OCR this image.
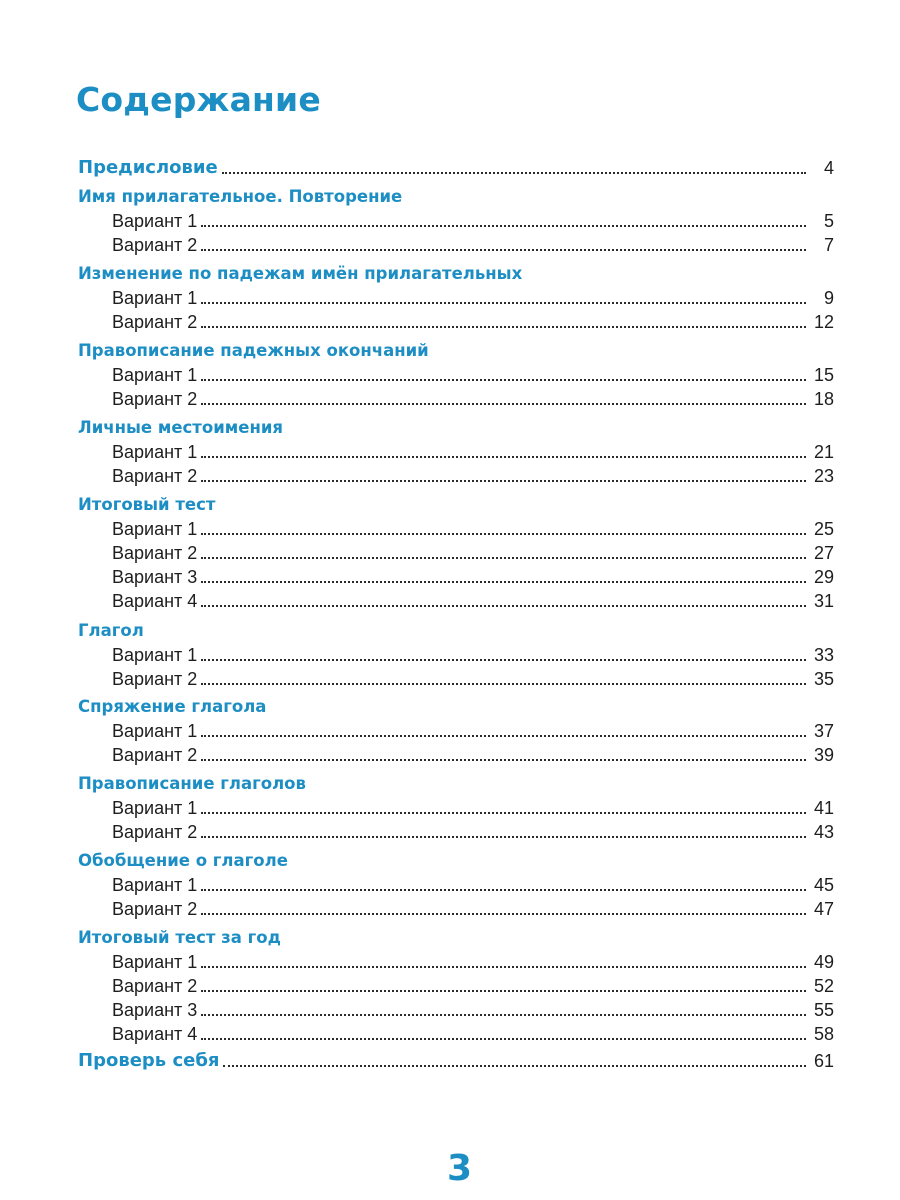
Содержание
Предисловие	4
Имя прилагательное. Повторение
Вариант 1	5
Вариант 2	7
Изменение по падежам имён прилагательных
Вариант 1	9
Вариант 2	12
Правописание падежных окончаний
Вариант 1	15
Вариант 2	18
Личные местоимения
Вариант 1	21
Вариант 2	23
Итоговый тест
Вариант 1	25
Вариант 2	27
Вариант 3	29
Вариант 4	31
Глагол
Вариант 1	33
Вариант 2	35
Спряжение глагола
Вариант 1	37
Вариант 2	39
Правописание глаголов
Вариант 1	41
Вариант 2	43
Обобщение о глаголе
Вариант 1	45
Вариант 2	47
Итоговый тест за год
Вариант 1	49
Вариант 2	52
Вариант 3	55
Вариант 4	58
Проверь себя	61
3
